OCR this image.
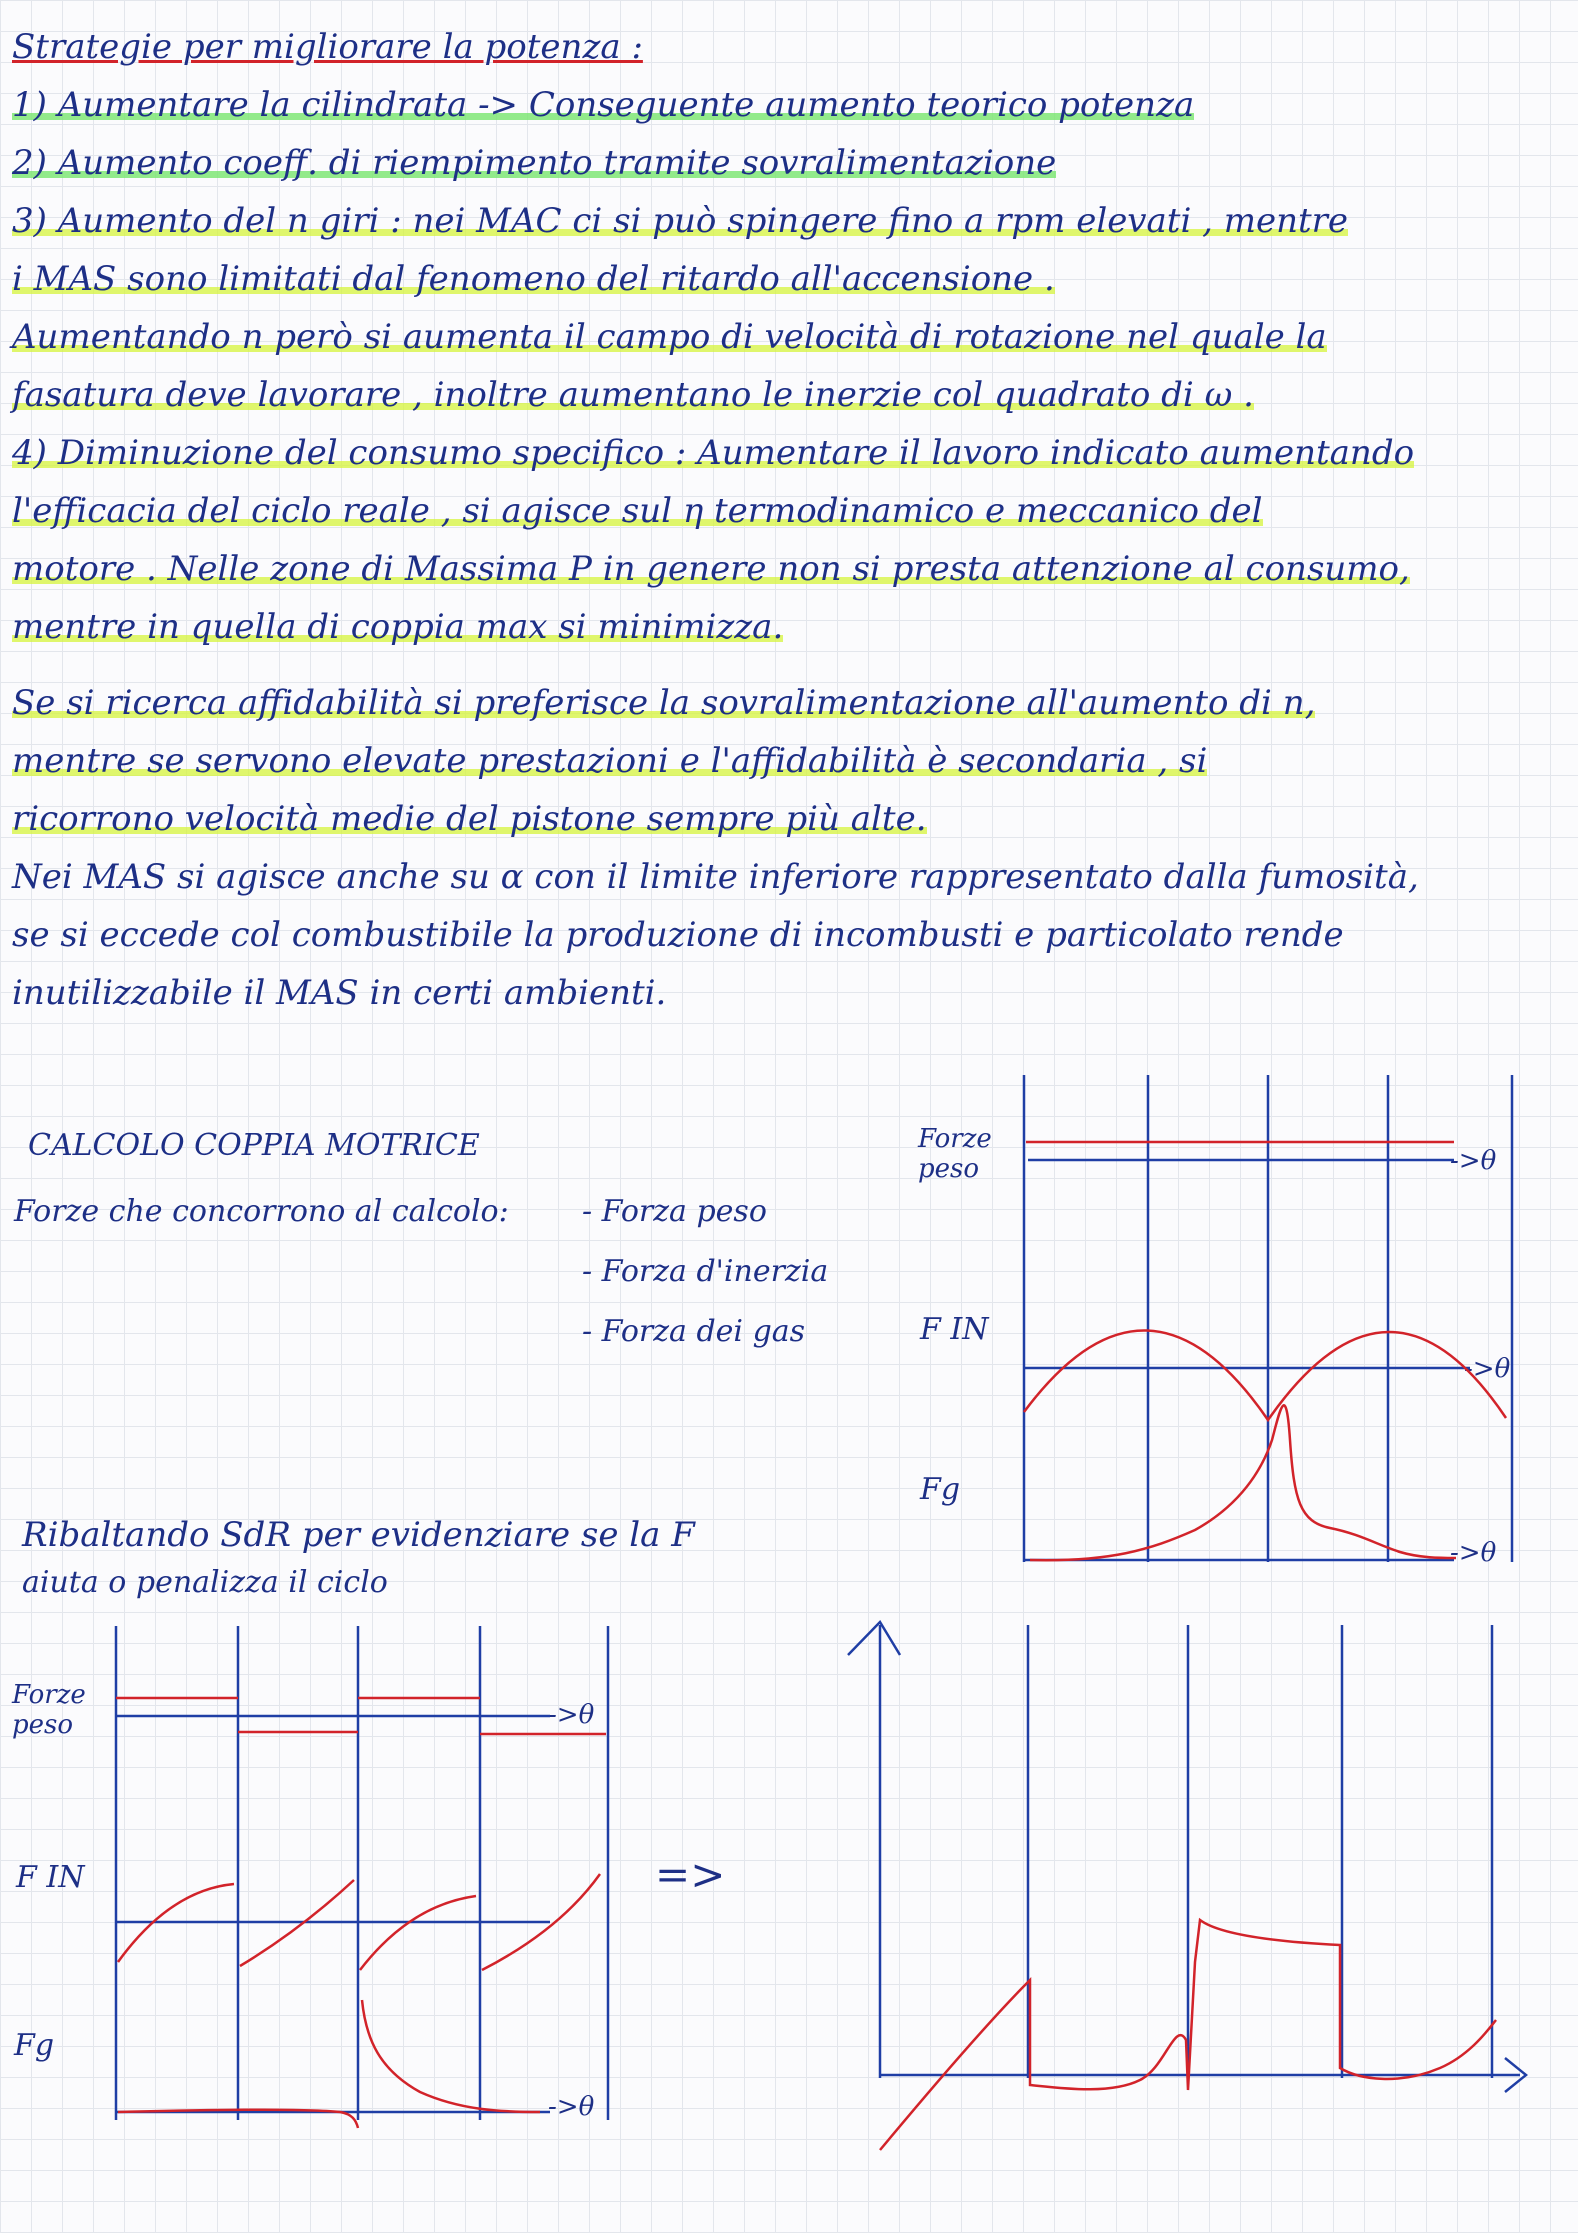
Strategie per migliorare la potenza :
1) Aumentare la cilindrata -> Conseguente aumento teorico potenza
2) Aumento coeff. di riempimento tramite sovralimentazione
3) Aumento del n giri : nei MAC ci si può spingere fino a rpm elevati , mentre
i MAS sono limitati dal fenomeno del ritardo all'accensione .
Aumentando n però si aumenta il campo di velocità di rotazione nel quale la
fasatura deve lavorare , inoltre aumentano le inerzie col quadrato di ω .
4) Diminuzione del consumo specifico : Aumentare il lavoro indicato aumentando
l'efficacia del ciclo reale , si agisce sul η termodinamico e meccanico del
motore . Nelle zone di Massima P in genere non si presta attenzione al consumo,
mentre in quella di coppia max si minimizza.
Se si ricerca affidabilità si preferisce la sovralimentazione all'aumento di n,
mentre se servono elevate prestazioni e l'affidabilità è secondaria , si
ricorrono velocità medie del pistone sempre più alte.
Nei MAS si agisce anche su α con il limite inferiore rappresentato dalla fumosità,
se si eccede col combustibile la produzione di incombusti e particolato rende
inutilizzabile il MAS in certi ambienti.
CALCOLO COPPIA MOTRICE
Forze che concorrono al calcolo: - Forza peso
- Forza d'inerzia
- Forza dei gas
Forze peso
F IN
Fg
->θ
->θ
->θ
Ribaltando SdR per evidenziare se la F
aiuta o penalizza il ciclo
Forze peso
F IN
Fg
->θ
->θ
=>
